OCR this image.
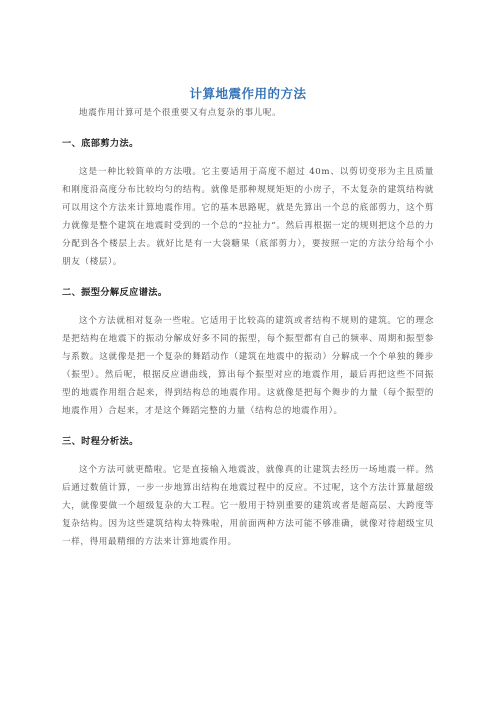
计算地震作用的方法

地震作用计算可是个很重要又有点复杂的事儿呢。

一、底部剪力法。

这是一种比较简单的方法哦。它主要适用于高度不超过 40m、以剪切变形为主且质量和刚度沿高度分布比较均匀的结构。就像是那种规规矩矩的小房子，不太复杂的建筑结构就可以用这个方法来计算地震作用。它的基本思路呢，就是先算出一个总的底部剪力，这个剪力就像是整个建筑在地震时受到的一个总的“拉扯力”。然后再根据一定的规则把这个总的力分配到各个楼层上去。就好比是有一大袋糖果（底部剪力），要按照一定的方法分给每个小朋友（楼层）。

二、振型分解反应谱法。

这个方法就相对复杂一些啦。它适用于比较高的建筑或者结构不规则的建筑。它的理念是把结构在地震下的振动分解成好多不同的振型，每个振型都有自己的频率、周期和振型参与系数。这就像是把一个复杂的舞蹈动作（建筑在地震中的振动）分解成一个个单独的舞步（振型）。然后呢，根据反应谱曲线，算出每个振型对应的地震作用，最后再把这些不同振型的地震作用组合起来，得到结构总的地震作用。这就像是把每个舞步的力量（每个振型的地震作用）合起来，才是这个舞蹈完整的力量（结构总的地震作用）。

三、时程分析法。

这个方法可就更酷啦。它是直接输入地震波，就像真的让建筑去经历一场地震一样。然后通过数值计算，一步一步地算出结构在地震过程中的反应。不过呢，这个方法计算量超级大，就像要做一个超级复杂的大工程。它一般用于特别重要的建筑或者是超高层、大跨度等复杂结构。因为这些建筑结构太特殊啦，用前面两种方法可能不够准确，就像对待超级宝贝一样，得用最精细的方法来计算地震作用。
